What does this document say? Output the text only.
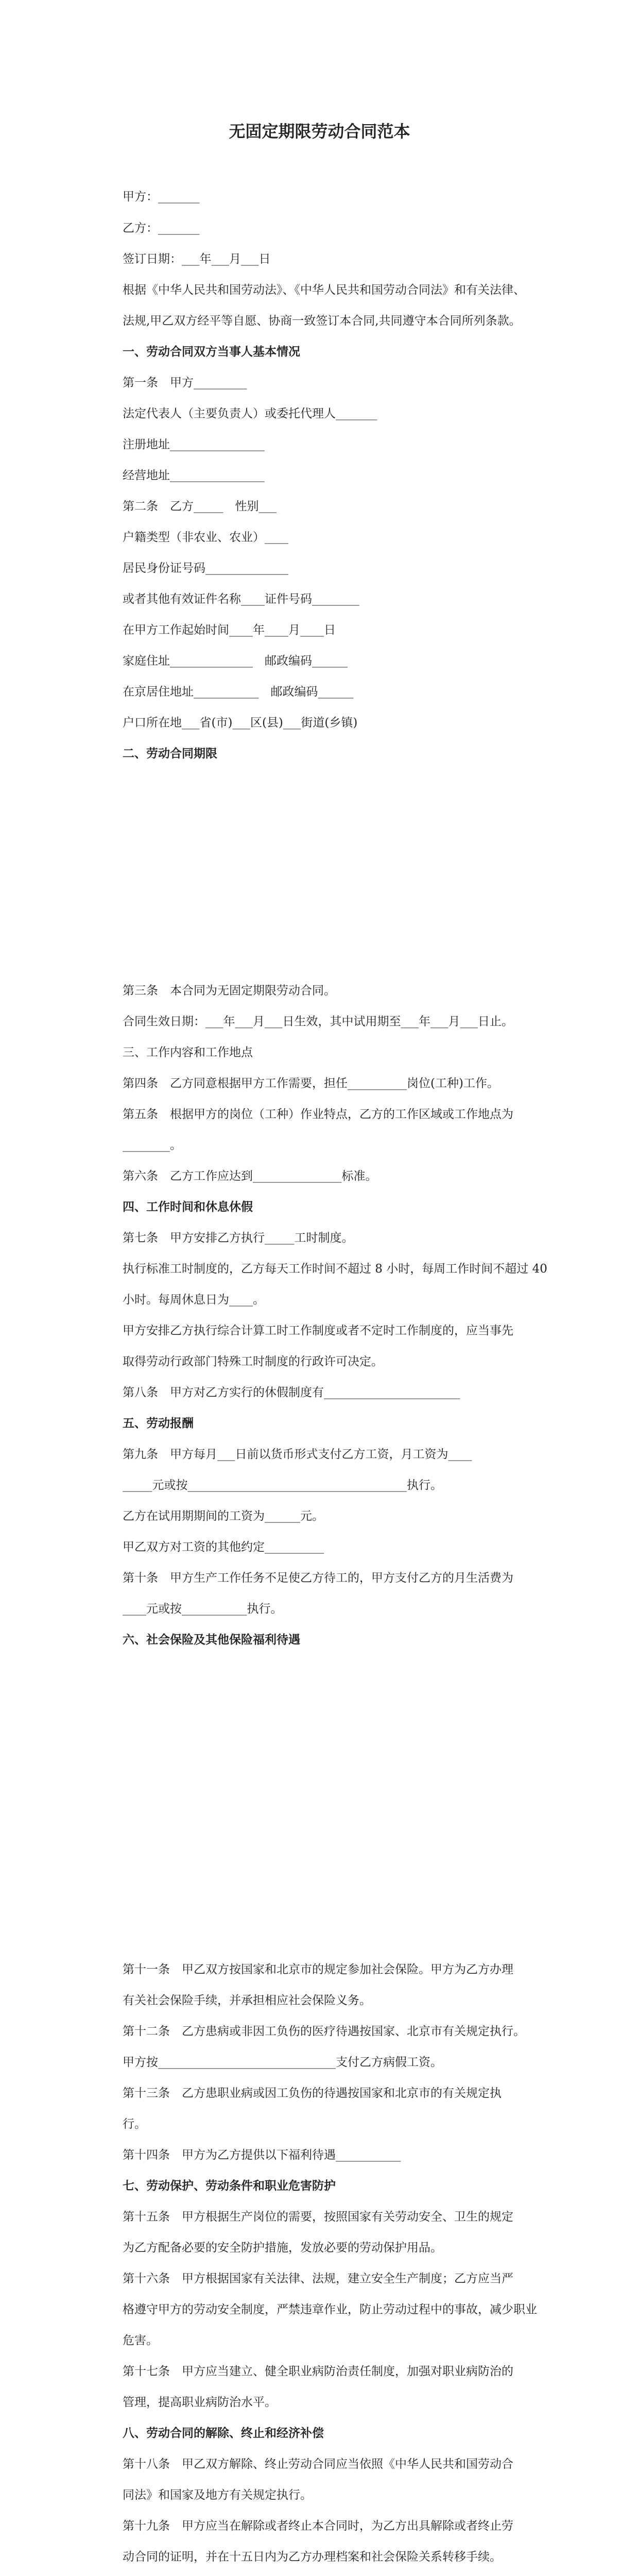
无固定期限劳动合同范本
甲方：_______
乙方：_______
签订日期：___年___月___日
根据《中华人民共和国劳动法》、《中华人民共和国劳动合同法》和有关法律、
法规,甲乙双方经平等自愿、协商一致签订本合同,共同遵守本合同所列条款。
一、劳动合同双方当事人基本情况
第一条　甲方_________
法定代表人（主要负责人）或委托代理人_______
注册地址________________
经营地址________________
第二条　乙方_____　性别___
户籍类型（非农业、农业）____
居民身份证号码______________
或者其他有效证件名称____证件号码________
在甲方工作起始时间____年____月____日
家庭住址______________　邮政编码______
在京居住地址___________　邮政编码______
户口所在地___省(市)___区(县)___街道(乡镇)
二、劳动合同期限
第三条　本合同为无固定期限劳动合同。
合同生效日期：___年___月___日生效，其中试用期至___年___月___日止。
三、工作内容和工作地点
第四条　乙方同意根据甲方工作需要，担任__________岗位(工种)工作。
第五条　根据甲方的岗位（工种）作业特点，乙方的工作区域或工作地点为
________。
第六条　乙方工作应达到_______________标准。
四、工作时间和休息休假
第七条　甲方安排乙方执行_____工时制度。
执行标准工时制度的，乙方每天工作时间不超过 8 小时，每周工作时间不超过 40
小时。每周休息日为____。
甲方安排乙方执行综合计算工时工作制度或者不定时工作制度的，应当事先
取得劳动行政部门特殊工时制度的行政许可决定。
第八条　甲方对乙方实行的休假制度有_______________________
五、劳动报酬
第九条　甲方每月___日前以货币形式支付乙方工资，月工资为____
_____元或按_____________________________________执行。
乙方在试用期期间的工资为______元。
甲乙双方对工资的其他约定__________
第十条　甲方生产工作任务不足使乙方待工的，甲方支付乙方的月生活费为
____元或按___________执行。
六、社会保险及其他保险福利待遇
第十一条　甲乙双方按国家和北京市的规定参加社会保险。甲方为乙方办理
有关社会保险手续，并承担相应社会保险义务。
第十二条　乙方患病或非因工负伤的医疗待遇按国家、北京市有关规定执行。
甲方按______________________________支付乙方病假工资。
第十三条　乙方患职业病或因工负伤的待遇按国家和北京市的有关规定执
行。
第十四条　甲方为乙方提供以下福利待遇___________
七、劳动保护、劳动条件和职业危害防护
第十五条　甲方根据生产岗位的需要，按照国家有关劳动安全、卫生的规定
为乙方配备必要的安全防护措施，发放必要的劳动保护用品。
第十六条　甲方根据国家有关法律、法规，建立安全生产制度；乙方应当严
格遵守甲方的劳动安全制度，严禁违章作业，防止劳动过程中的事故，减少职业
危害。
第十七条　甲方应当建立、健全职业病防治责任制度，加强对职业病防治的
管理，提高职业病防治水平。
八、劳动合同的解除、终止和经济补偿
第十八条　甲乙双方解除、终止劳动合同应当依照《中华人民共和国劳动合
同法》和国家及地方有关规定执行。
第十九条　甲方应当在解除或者终止本合同时，为乙方出具解除或者终止劳
动合同的证明，并在十五日内为乙方办理档案和社会保险关系转移手续。
